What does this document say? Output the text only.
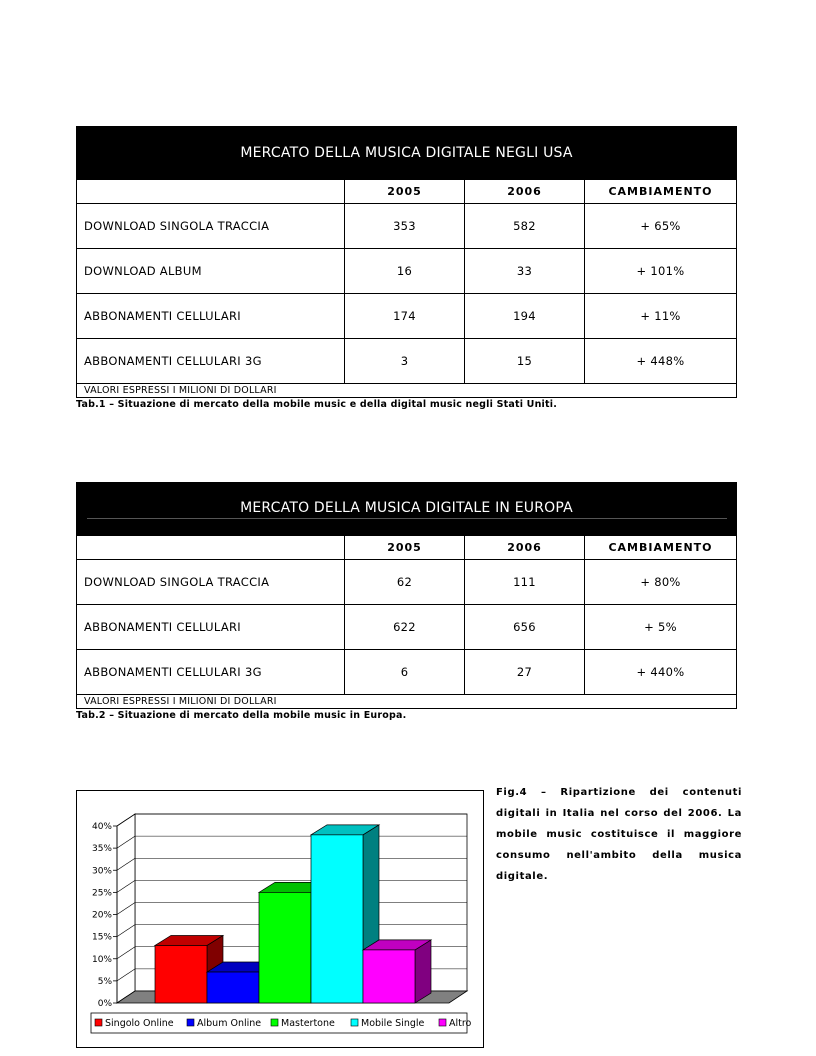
MERCATO DELLA MUSICA DIGITALE NEGLI USA			
	2005	2006	CAMBIAMENTO
DOWNLOAD SINGOLA TRACCIA	353	582	+ 65%
DOWNLOAD ALBUM	16	33	+ 101%
ABBONAMENTI CELLULARI	174	194	+ 11%
ABBONAMENTI CELLULARI 3G	3	15	+ 448%
VALORI ESPRESSI I MILIONI DI DOLLARI			
Tab.1 – Situazione di mercato della mobile music e della digital music negli Stati Uniti.
MERCATO DELLA MUSICA DIGITALE IN EUROPA			
	2005	2006	CAMBIAMENTO
DOWNLOAD SINGOLA TRACCIA	62	111	+ 80%
ABBONAMENTI CELLULARI	622	656	+ 5%
ABBONAMENTI CELLULARI 3G	6	27	+ 440%
VALORI ESPRESSI I MILIONI DI DOLLARI			
Tab.2 – Situazione di mercato della mobile music in Europa.
0%
5%
10%
15%
20%
25%
30%
35%
40%
Singolo Online Album Online Mastertone	Mobile Single	Altro
Fig.4 – Ripartizione dei contenuti digitali in Italia nel corso del 2006. La mobile music costituisce il maggiore consumo nell'ambito della musica digitale.
